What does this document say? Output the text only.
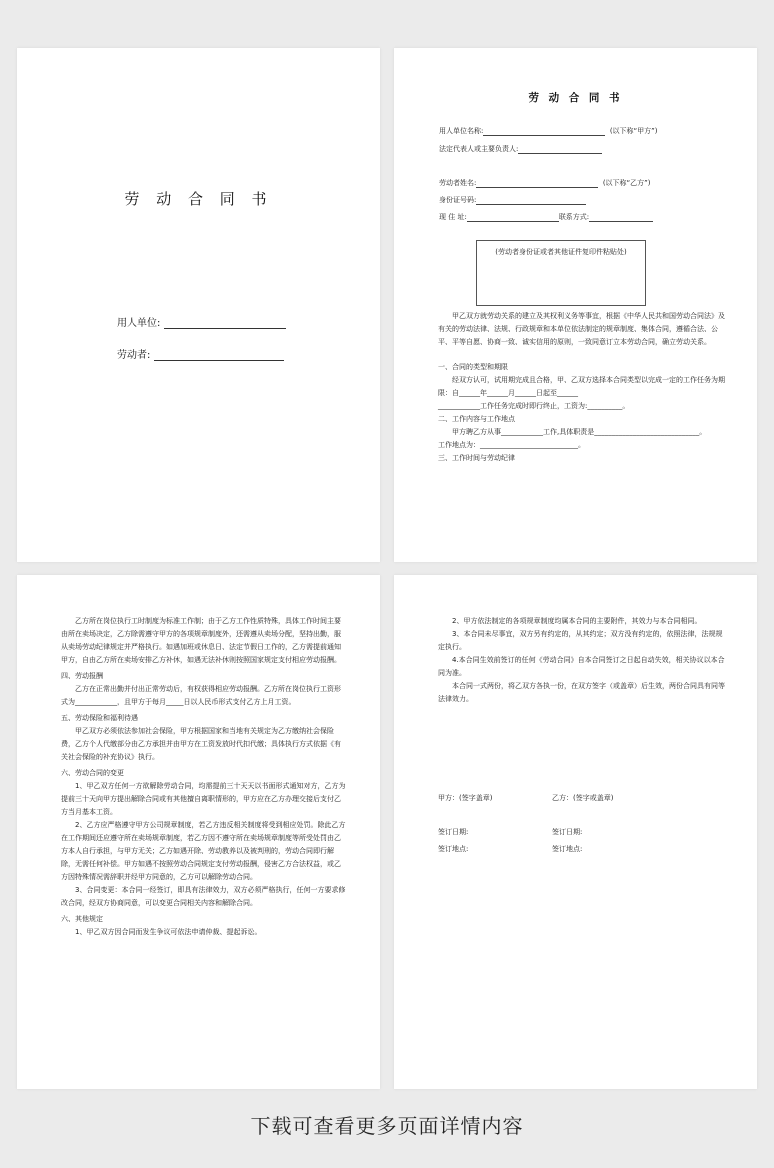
劳 动 合 同 书
用人单位:
劳动者:
劳 动 合 同 书
用人单位名称:	(以下称“甲方”)
法定代表人或主要负责人:
劳动者姓名:	(以下称“乙方”)
身份证号码:
现 住 址:	联系方式:
(劳动者身份证或者其他证件复印件粘贴处)

甲乙双方就劳动关系的建立及其权利义务等事宜，根据《中华人民共和国劳动合同法》及有关的劳动法律、法规、行政规章和本单位依法制定的规章制度、集体合同，遵循合法、公平、平等自愿、协商一致、诚实信用的原则，一致同意订立本劳动合同，确立劳动关系。

一、合同的类型和期限

经双方认可，试用期完成且合格，甲、乙双方选择本合同类型以完成一定的工作任务为期限：自______年______月______日起至______

____________工作任务完成时即行终止，工资为:__________。

二、工作内容与工作地点

甲方聘乙方从事____________工作,具体职责是______________________________。

工作地点为：____________________________。

三、工作时间与劳动纪律

乙方所在岗位执行工时制度为标准工作制；由于乙方工作性质特殊，具体工作时间主要由所在卖场决定，乙方除需遵守甲方的各项规章制度外，还需遵从卖场分配，坚持出勤，服从卖场劳动纪律规定并严格执行。如遇加班或休息日、法定节假日工作的，乙方需提前通知甲方，自由乙方所在卖场安排乙方补休，如遇无法补休则按照国家规定支付相应劳动报酬。

四、劳动报酬

乙方在正常出勤并付出正常劳动后，有权获得相应劳动报酬。乙方所在岗位执行工资形式为____________，且甲方于每月_____日以人民币形式支付乙方上月工资。

五、劳动保险和福利待遇

甲乙双方必须依法参加社会保险，甲方根据国家和当地有关规定为乙方缴纳社会保险费，乙方个人代缴部分由乙方承担并由甲方在工资发放时代扣代缴；具体执行方式依据《有关社会保险的补充协议》执行。

六、劳动合同的变更

1、甲乙双方任何一方欲解除劳动合同，均需提前三十天天以书面形式通知对方，乙方为提前三十天向甲方提出解除合同或有其他擅自离职情形的，甲方应在乙方办理交接后支付乙方当月基本工资。

2、乙方应严格遵守甲方公司规章制度，若乙方违反相关制度将受到相应处罚。除此乙方在工作期间还应遵守所在卖场规章制度，若乙方因不遵守所在卖场规章制度等所受处罚由乙方本人自行承担，与甲方无关；乙方如遇开除、劳动教养以及被判刑的，劳动合同即行解除，无需任何补偿。甲方如遇不按照劳动合同规定支付劳动报酬，侵害乙方合法权益，或乙方因特殊情况需辞职并经甲方同意的，乙方可以解除劳动合同。

3、合同变更：本合同一经签订，即具有法律效力，双方必须严格执行，任何一方要求修改合同，经双方协商同意，可以变更合同相关内容和解除合同。

六、其他规定

1、甲乙双方因合同而发生争议可依法申请仲裁、提起诉讼。

2、甲方依法制定的各项规章制度均属本合同的主要附件，其效力与本合同相同。

3、本合同未尽事宜，双方另有约定的，从其约定；双方没有约定的，依照法律，法规规定执行。

4.本合同生效前签订的任何《劳动合同》自本合同签订之日起自动失效，相关协议以本合同为准。

本合同一式两份，将乙双方各执一份，在双方签字（或盖章）后生效，两份合同具有同等法律效力。

甲方：(签字盖章)	乙方：(签字或盖章)
签订日期:	签订日期:
签订地点:	签订地点:
下载可查看更多页面详情内容
